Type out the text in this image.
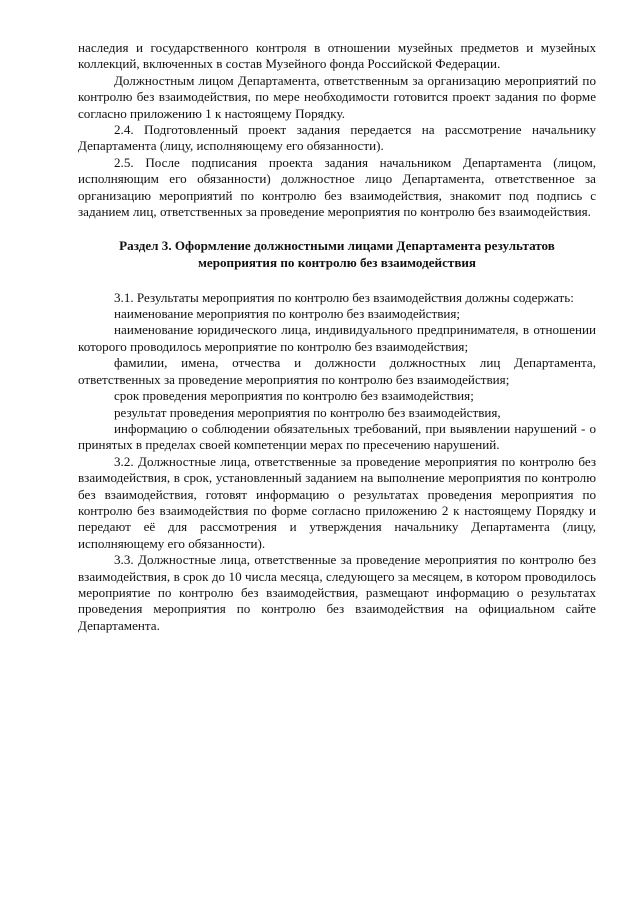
наследия и государственного контроля в отношении музейных предметов и музейных коллекций, включенных в состав Музейного фонда Российской Федерации.

Должностным лицом Департамента, ответственным за организацию мероприятий по контролю без взаимодействия, по мере необходимости готовится проект задания по форме согласно приложению 1 к настоящему Порядку.

2.4. Подготовленный проект задания передается на рассмотрение начальнику Департамента (лицу, исполняющему его обязанности).

2.5. После подписания проекта задания начальником Департамента (лицом, исполняющим его обязанности) должностное лицо Департамента, ответственное за организацию мероприятий по контролю без взаимодействия, знакомит под подпись с заданием лиц, ответственных за проведение мероприятия по контролю без взаимодействия.

Раздел 3. Оформление должностными лицами Департамента результатов мероприятия по контролю без взаимодействия

3.1. Результаты мероприятия по контролю без взаимодействия должны содержать:

наименование мероприятия по контролю без взаимодействия;

наименование юридического лица, индивидуального предпринимателя, в отношении которого проводилось мероприятие по контролю без взаимодействия;

фамилии, имена, отчества и должности должностных лиц Департамента, ответственных за проведение мероприятия по контролю без взаимодействия;

срок проведения мероприятия по контролю без взаимодействия;

результат проведения мероприятия по контролю без взаимодействия,

информацию о соблюдении обязательных требований, при выявлении нарушений - о принятых в пределах своей компетенции мерах по пресечению нарушений.

3.2. Должностные лица, ответственные за проведение мероприятия по контролю без взаимодействия, в срок, установленный заданием на выполнение мероприятия по контролю без взаимодействия, готовят информацию о результатах проведения мероприятия по контролю без взаимодействия по форме согласно приложению 2 к настоящему Порядку и передают её для рассмотрения и утверждения начальнику Департамента (лицу, исполняющему его обязанности).

3.3. Должностные лица, ответственные за проведение мероприятия по контролю без взаимодействия, в срок до 10 числа месяца, следующего за месяцем, в котором проводилось мероприятие по контролю без взаимодействия, размещают информацию о результатах проведения мероприятия по контролю без взаимодействия на официальном сайте Департамента.
